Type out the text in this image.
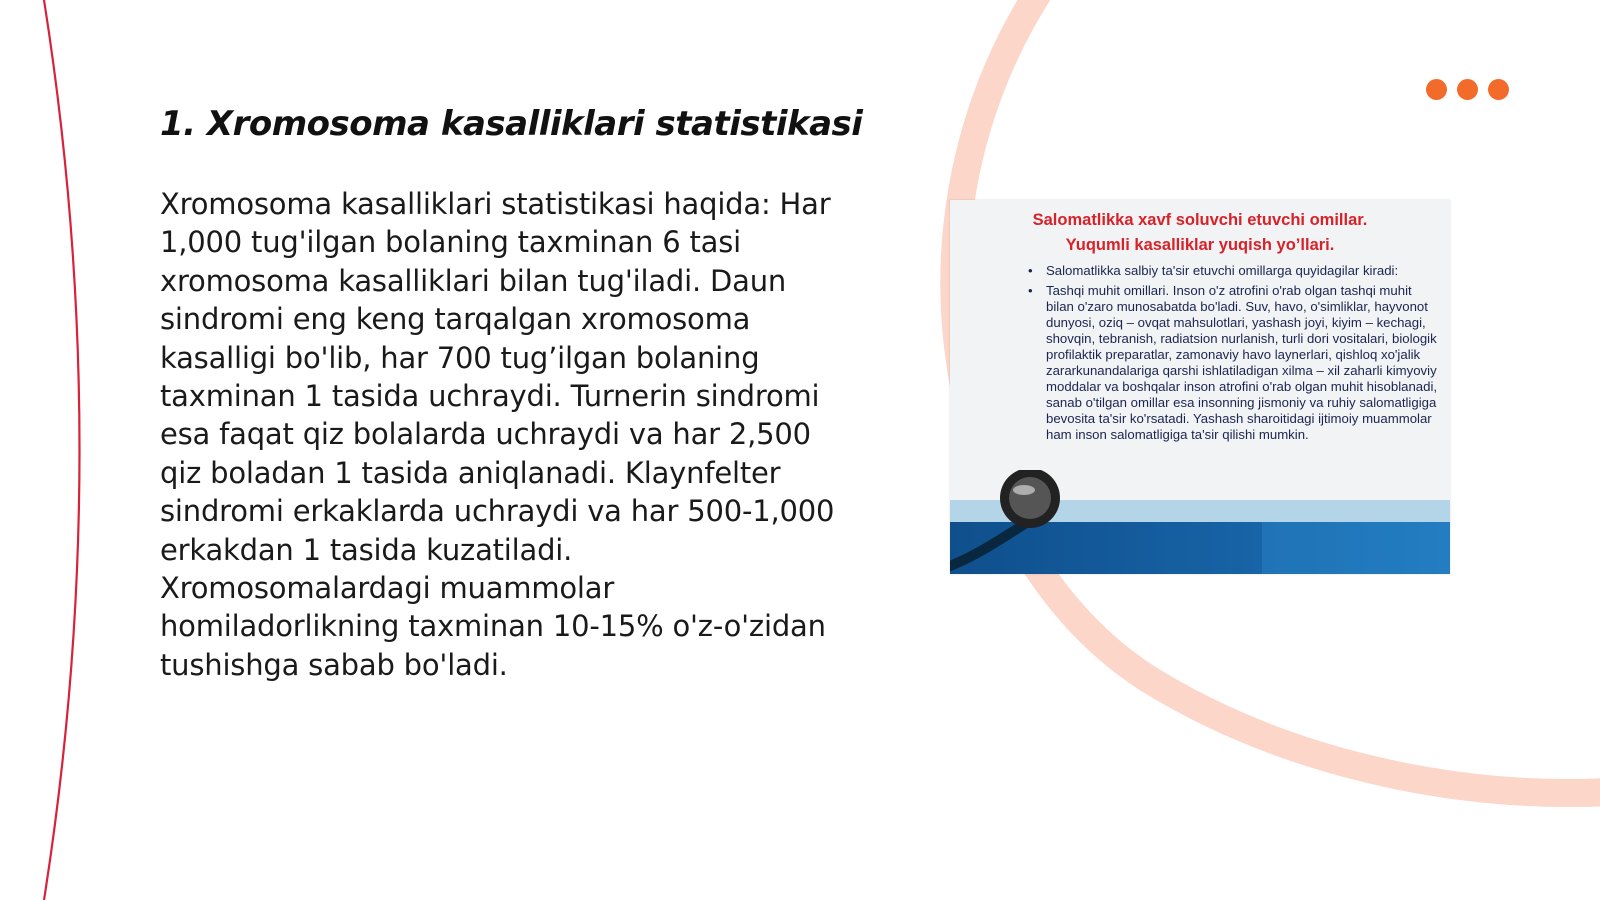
1. Xromosoma kasalliklari statistikasi

Xromosoma kasalliklari statistikasi haqida: Har 1,000 tug'ilgan bolaning taxminan 6 tasi xromosoma kasalliklari bilan tug'iladi. Daun sindromi eng keng tarqalgan xromosoma kasalligi bo'lib, har 700 tug’ilgan bolaning taxminan 1 tasida uchraydi. Turnerin sindromi esa faqat qiz bolalarda uchraydi va har 2,500 qiz boladan 1 tasida aniqlanadi. Klaynfelter sindromi erkaklarda uchraydi va har 500-1,000 erkakdan 1 tasida kuzatiladi. Xromosomalardagi muammolar homiladorlikning taxminan 10-15% o'z-o'zidan tushishga sabab bo'ladi.

Salomatlikka xavf soluvchi etuvchi omillar.
Yuqumli kasalliklar yuqish yo’llari.

• Salomatlikka salbiy ta'sir etuvchi omillarga quyidagilar kiradi:
• Tashqi muhit omillari. Inson o'z atrofini o'rab olgan tashqi muhit bilan o'zaro munosabatda bo'ladi. Suv, havo, o'simliklar, hayvonot dunyosi, oziq – ovqat mahsulotlari, yashash joyi, kiyim – kechagi, shovqin, tebranish, radiatsion nurlanish, turli dori vositalari, biologik profilaktik preparatlar, zamonaviy havo laynerlari, qishloq xo'jalik zararkunandalariga qarshi ishlatiladigan xilma – xil zaharli kimyoviy moddalar va boshqalar inson atrofini o'rab olgan muhit hisoblanadi, sanab o'tilgan omillar esa insonning jismoniy va ruhiy salomatligiga bevosita ta'sir ko'rsatadi. Yashash sharoitidagi ijtimoiy muammolar ham inson salomatligiga ta'sir qilishi mumkin.
